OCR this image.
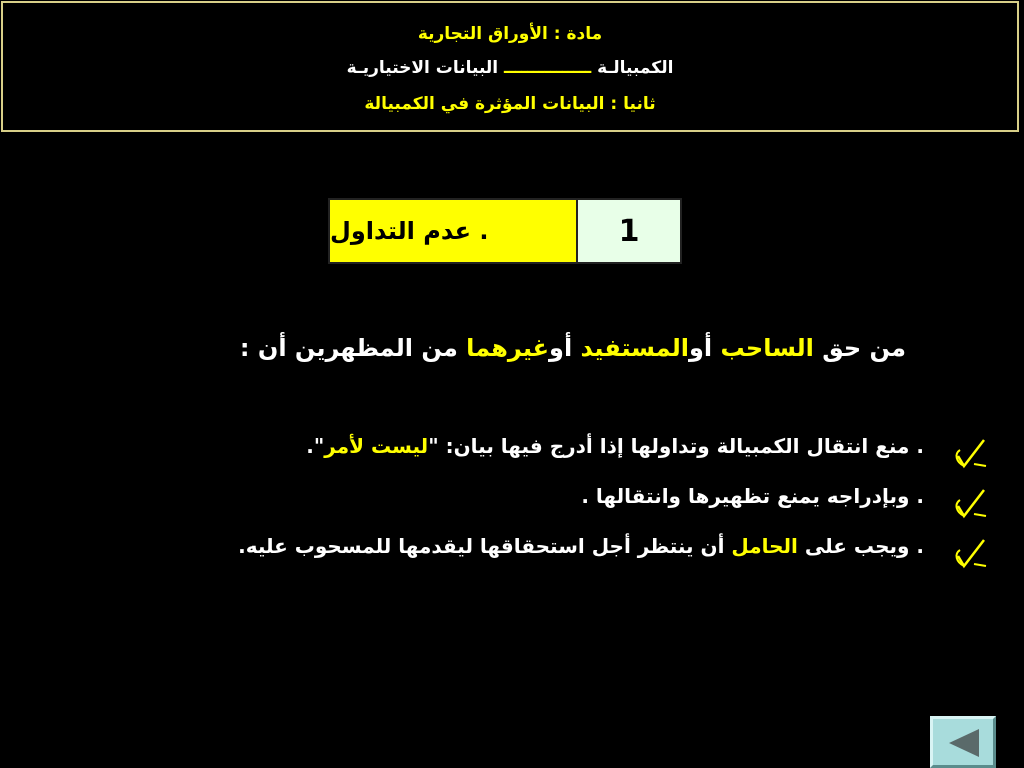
مادة : الأوراق التجارية
الكمبيالـة ـــــــــــــــ البيانات الاختياريـة
ثانيا : البيانات المؤثرة في الكمبيالة
. عدم التداول	1
من حق الساحب أوالمستفيد أوغيرهما من المظهرين أن :
. منع انتقال الكمبيالة وتداولها إذا أدرج فيها بيان: "ليست لأمر".
. وبإدراجه يمنع تظهيرها وانتقالها .
. ويجب على الحامل أن ينتظر أجل استحقاقها ليقدمها للمسحوب عليه.
